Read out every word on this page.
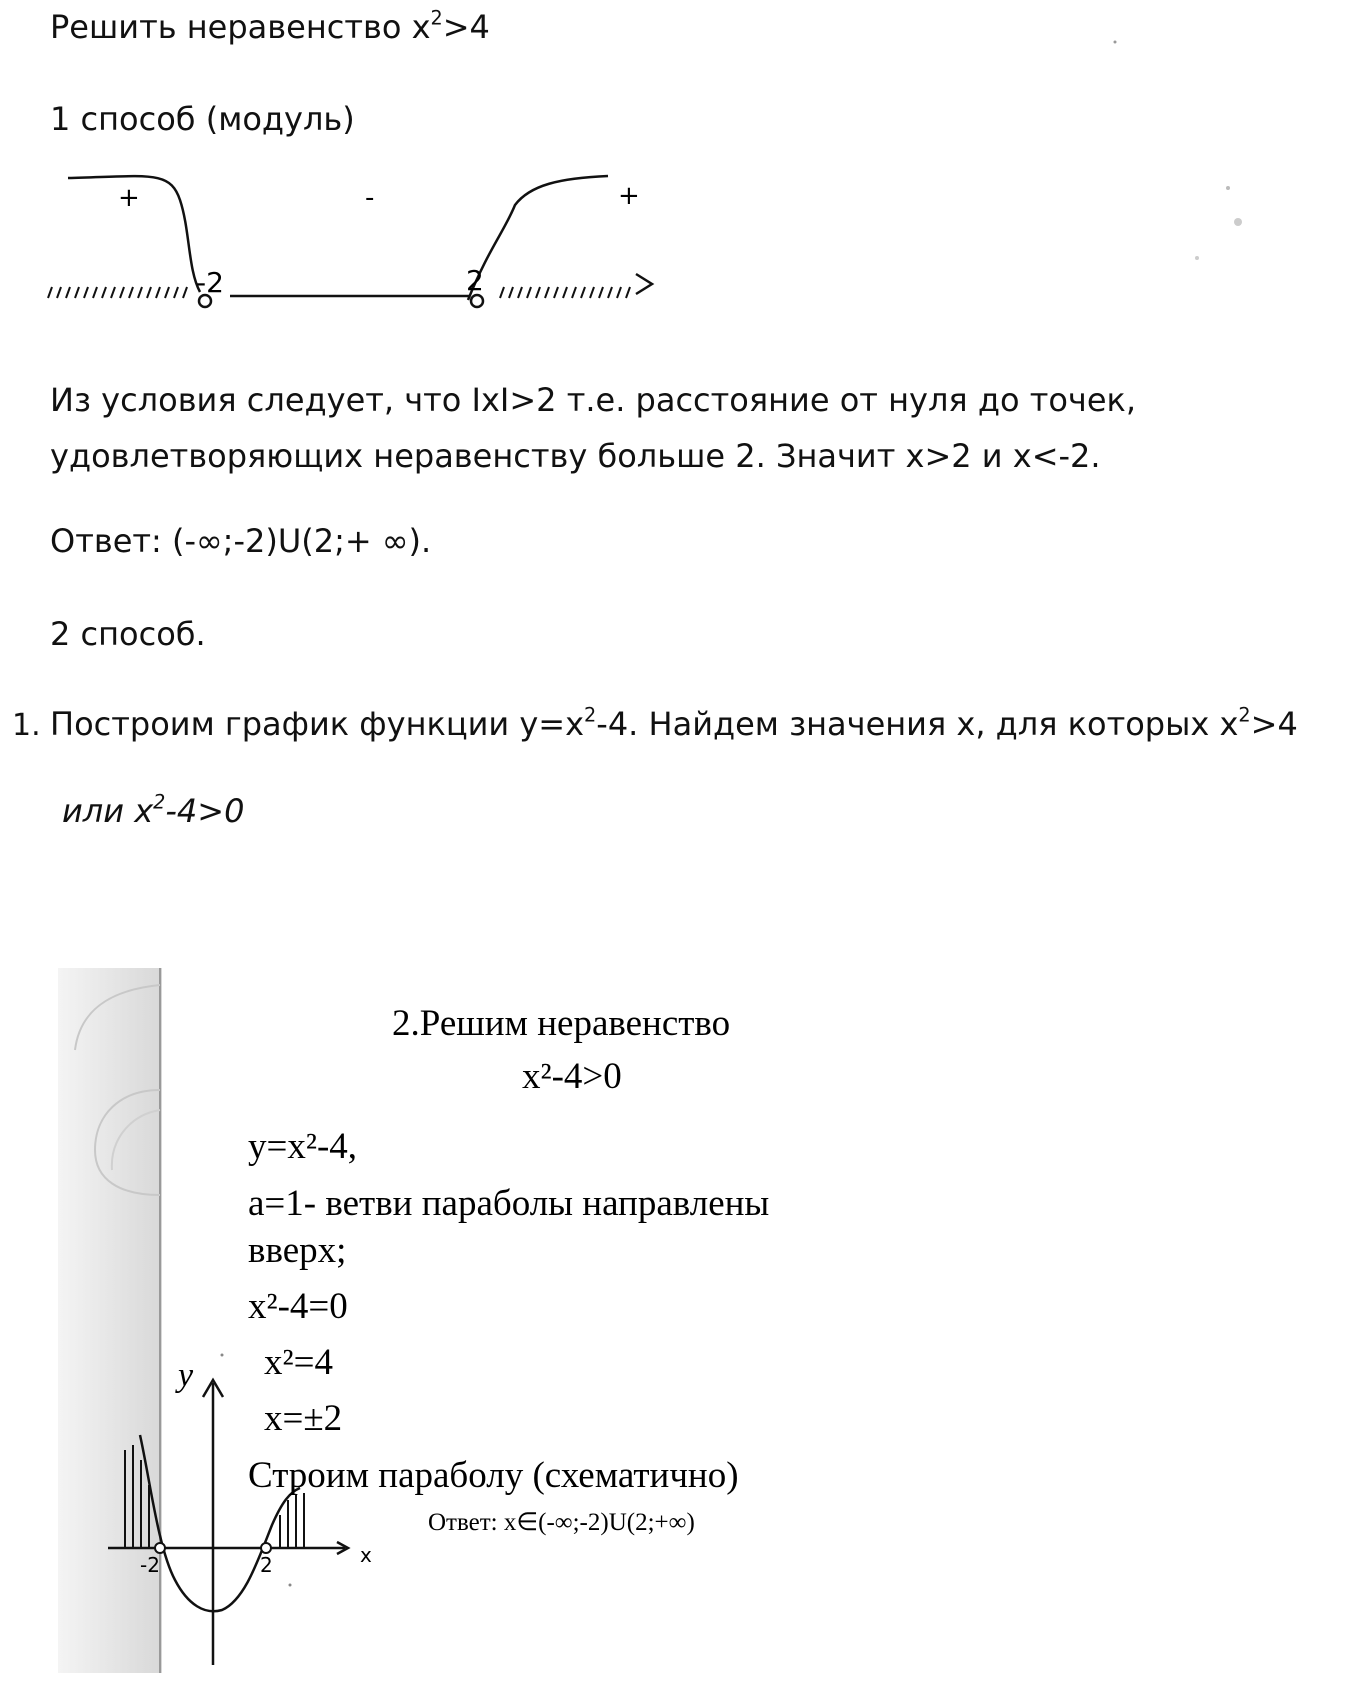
Решить неравенство $x^2>4$
1 способ (модуль)
+	-	+
-2	2
Из условия следует, что IxI>2 т.е. расстояние от нуля до точек,
удовлетворяющих неравенству больше 2. Значит x>2 и x<-2.
Ответ: (-∞;-2)U(2;+ ∞).
2 способ.
1. Построим график функции $y=x^2-4$. Найдем значения x, для которых $x^2>4$
или $x^2-4>0$
y
x
-2	2
2.Решим неравенство
x²-4>0
y=x²-4,
a=1- ветви параболы направлены
вверх;
x²-4=0
x²=4
x=±2
Строим параболу (схематично)
Ответ: x∈(-∞;-2)U(2;+∞)
